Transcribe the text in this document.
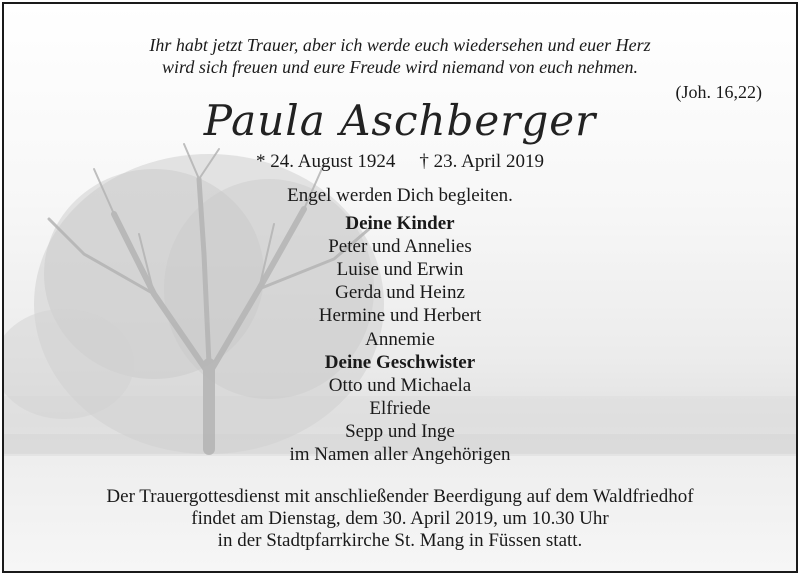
Ihr habt jetzt Trauer, aber ich werde euch wiedersehen und euer Herz
wird sich freuen und eure Freude wird niemand von euch nehmen.
(Joh. 16,22)
Paula Aschberger
* 24. August 1924 † 23. April 2019
Engel werden Dich begleiten.
Deine Kinder
Peter und Annelies
Luise und Erwin
Gerda und Heinz
Hermine und Herbert
Annemie
Deine Geschwister
Otto und Michaela
Elfriede
Sepp und Inge
im Namen aller Angehörigen
Der Trauergottesdienst mit anschließender Beerdigung auf dem Waldfriedhof
findet am Dienstag, dem 30. April 2019, um 10.30 Uhr
in der Stadtpfarrkirche St. Mang in Füssen statt.
